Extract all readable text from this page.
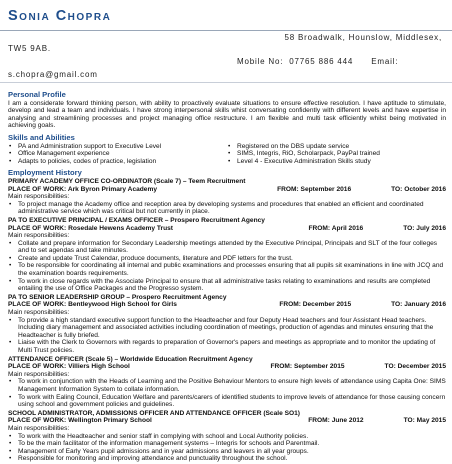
Sonia Chopra
58 Broadwalk, Hounslow, Middlesex,
TW5 9AB.
Mobile No: 07765 886 444 Email:
s.chopra@gmail.com
Personal Profile

I am a considerate forward thinking person, with ability to proactively evaluate situations to ensure effective resolution. I have aptitude to stimulate, develop and lead a team and individuals. I have strong interpersonal skills whist conversating confidently with different levels and have expertise in analysing and streamlining processes and project managing office restructure. I am flexible and multi task efficiently whilst being motivated in achieving goals.

Skills and Abilities
• PA and Administration support to Executive Level
• Office Management experience
• Adapts to policies, codes of practice, legislation
• Registered on the DBS update service
• SIMS, Integris, RiO, Scholarpack, PayPal trained
• Level 4 - Executive Administration Skills study
Employment History
PRIMARY ACADEMY OFFICE CO-ORDINATOR (Scale 7) – Teem Recruitment
PLACE OF WORK: Ark Byron Primary Academy	FROM: September 2016	TO: October 2016
Main responsibilities:
• To project manage the Academy office and reception area by developing systems and procedures that enabled an efficient and coordinated administrative service which was critical but not currently in place.
PA TO EXECUTIVE PRINCIPAL / EXAMS OFFICER – Prospero Recruitment Agency
PLACE OF WORK: Rosedale Hewens Academy Trust	FROM: April 2016	TO: July 2016
Main responsibilities:
• Collate and prepare information for Secondary Leadership meetings attended by the Executive Principal, Principals and SLT of the four colleges and to set agendas and take minutes.
• Create and update Trust Calendar, produce documents, literature and PDF letters for the trust.
• To be responsible for coordinating all internal and public examinations and processes ensuring that all pupils sit examinations in line with JCQ and the examination boards requirements.
• To work in close regards with the Associate Principal to ensure that all administrative tasks relating to examinations and results are completed entailing the use of Office Packages and the Progresso system.
PA TO SENIOR LEADERSHIP GROUP – Prospero Recruitment Agency
PLACE OF WORK: Bentleywood High School for Girls	FROM: December 2015	TO: January 2016
Main responsibilities:
• To provide a high standard executive support function to the Headteacher and four Deputy Head teachers and four Assistant Head teachers. Including diary management and associated activities including coordination of meetings, production of agendas and minutes ensuring that the Headteacher is fully briefed.
• Liaise with the Clerk to Governors with regards to preparation of Governor's papers and meetings as appropriate and to monitor the updating of Multi Trust policies.
ATTENDANCE OFFICER (Scale 5) – Worldwide Education Recruitment Agency
PLACE OF WORK: Villiers High School	FROM: September 2015	TO: December 2015
Main responsibilities:
• To work in conjunction with the Heads of Learning and the Positive Behaviour Mentors to ensure high levels of attendance using Capita One: SIMS Management Information System to collate information.
• To work with Ealing Council, Education Welfare and parents/carers of identified students to improve levels of attendance for those causing concern using school and government policies and guidelines.
SCHOOL ADMINISTRATOR, ADMISSIONS OFFICER AND ATTENDANCE OFFICER (Scale SO1)
PLACE OF WORK: Wellington Primary School	FROM: June 2012	TO: May 2015
Main responsibilities:
• To work with the Headteacher and senior staff in complying with school and Local Authority policies.
• To be the main facilitator of the information management systems – Integris for schools and Parentmail.
• Management of Early Years pupil admissions and in year admissions and leavers in all year groups.
• Responsible for monitoring and improving attendance and punctuality throughout the school.
